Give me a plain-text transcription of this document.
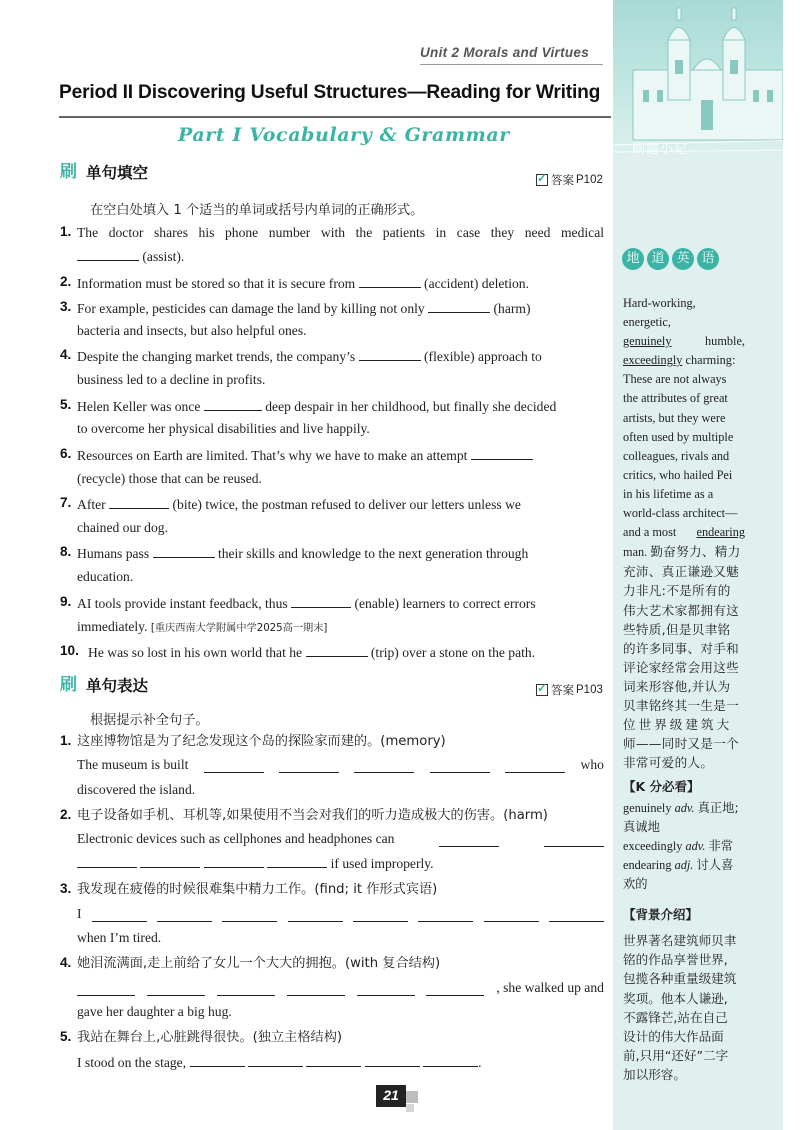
刷题小记
Unit 2 Morals and Virtues
Period II Discovering Useful Structures—Reading for Writing
Part I Vocabulary & Grammar
刷 单句填空 ✓	答案 P102
在空白处填入 1 个适当的单词或括号内单词的正确形式。
1. The doctor shares his phone number with the patients in case they need medical
(assist).
2. Information must be stored so that it is secure from	(accident) deletion.
3. For example, pesticides can damage the land by killing not only	(harm)
bacteria and insects, but also helpful ones.
4. Despite the changing market trends, the company’s	(flexible) approach to
business led to a decline in profits.
5. Helen Keller was once	deep despair in her childhood, but finally she decided
to overcome her physical disabilities and live happily.
6. Resources on Earth are limited. That’s why we have to make an attempt
(recycle) those that can be reused.
7. After	(bite) twice, the postman refused to deliver our letters unless we
chained our dog.
8. Humans pass	their skills and knowledge to the next generation through
education.
9. AI tools provide instant feedback, thus	(enable) learners to correct errors
immediately. [重庆西南大学附属中学2025高一期末]
10. He was so lost in his own world that he	(trip) over a stone on the path.
刷 单句表达 ✓	答案 P103
根据提示补全句子。
1. 这座博物馆是为了纪念发现这个岛的探险家而建的。(memory)
The museum is built	who
discovered the island.
2. 电子设备如手机、耳机等,如果使用不当会对我们的听力造成极大的伤害。(harm)
Electronic devices such as cellphones and headphones can
if used improperly.
3. 我发现在疲倦的时候很难集中精力工作。(find; it 作形式宾语)
I
when I’m tired.
4. 她泪流满面,走上前给了女儿一个大大的拥抱。(with 复合结构)
, she walked up and
gave her daughter a big hug.
5. 我站在舞台上,心脏跳得很快。(独立主格结构)
I stood on the stage,	.
地 道 英 语
Hard-working, energetic,
genuinely	humble,
exceedingly charming:
These are not always
the attributes of great
artists, but they were
often used by multiple
colleagues, rivals and
critics, who hailed Pei
in his lifetime as a
world-class architect—
and a most endearing
man. 勤奋努力、精力
充沛、真正谦逊又魅
力非凡:不是所有的
伟大艺术家都拥有这
些特质,但是贝聿铭
的许多同事、对手和
评论家经常会用这些
词来形容他,并认为
贝聿铭终其一生是一
位世界级建筑大
师——同时又是一个
非常可爱的人。
【K 分必看】
genuinely adv. 真正地;
真诚地
exceedingly adv. 非常
endearing adj. 讨人喜
欢的
【背景介绍】
世界著名建筑师贝聿
铭的作品享誉世界,
包揽各种重量级建筑
奖项。他本人谦逊,
不露锋芒,站在自己
设计的伟大作品面
前,只用“还好”二字
加以形容。
21
